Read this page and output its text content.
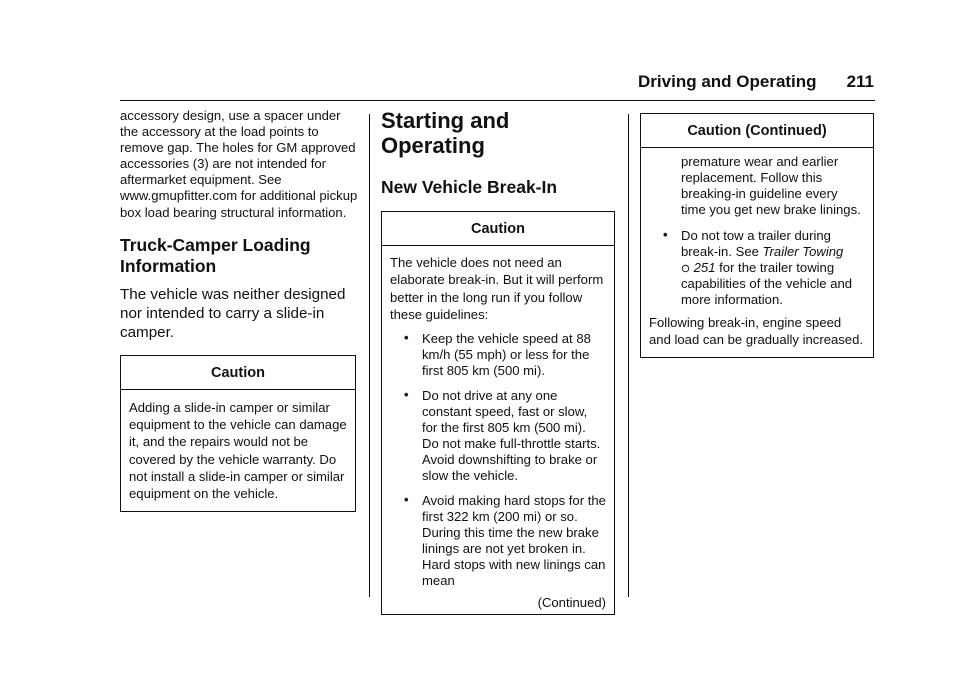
Driving and Operating 211

accessory design, use a spacer under the accessory at the load points to remove gap. The holes for GM approved accessories (3) are not intended for aftermarket equipment. See www.gmupfitter.com for additional pickup box load bearing structural information.

Truck-Camper Loading Information

The vehicle was neither designed nor intended to carry a slide-in camper.

Caution

Adding a slide-in camper or similar equipment to the vehicle can damage it, and the repairs would not be covered by the vehicle warranty. Do not install a slide-in camper or similar equipment on the vehicle.

Starting and Operating
New Vehicle Break-In
Caution

The vehicle does not need an elaborate break-in. But it will perform better in the long run if you follow these guidelines:

• Keep the vehicle speed at 88 km/h (55 mph) or less for the first 805 km (500 mi).
• Do not drive at any one constant speed, fast or slow, for the first 805 km (500 mi). Do not make full-throttle starts. Avoid downshifting to brake or slow the vehicle.
• Avoid making hard stops for the first 322 km (200 mi) or so. During this time the new brake linings are not yet broken in. Hard stops with new linings can mean
(Continued)
Caution (Continued)

premature wear and earlier replacement. Follow this breaking-in guideline every time you get new brake linings.

• Do not tow a trailer during break-in. See Trailer Towing
251 for the trailer towing capabilities of the vehicle and more information.

Following break-in, engine speed and load can be gradually increased.
